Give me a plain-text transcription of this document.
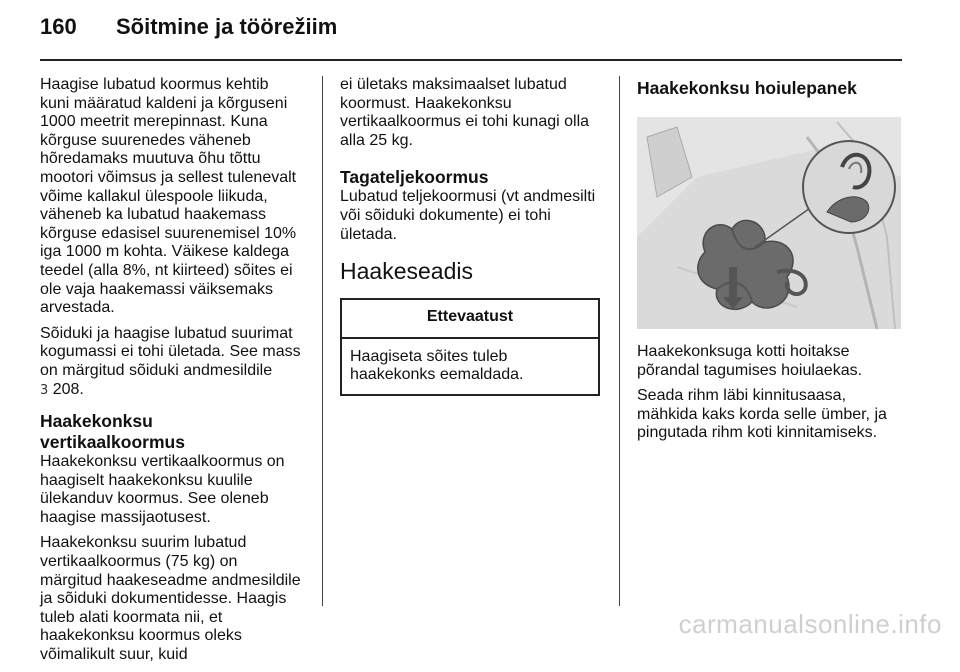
160 Sõitmine ja töörežiim

Haagise lubatud koormus kehtib kuni määratud kaldeni ja kõrguseni 1000 meetrit merepinnast. Kuna kõrguse suurenedes väheneb hõredamaks muutuva õhu tõttu mootori võimsus ja sellest tulenevalt võime kallakul ülespoole liikuda, väheneb ka lubatud haakemass kõrguse edasisel suurenemisel 10% iga 1000 m kohta. Väikese kaldega teedel (alla 8%, nt kiirteed) sõites ei ole vaja haakemassi väiksemaks arvestada.

Sõiduki ja haagise lubatud suurimat kogumassi ei tohi ületada. See mass on märgitud sõiduki andmesildile
3 208.

Haakekonksu vertikaalkoormus

Haakekonksu vertikaalkoormus on haagiselt haakekonksu kuulile ülekanduv koormus. See oleneb haagise massijaotusest.

Haakekonksu suurim lubatud vertikaalkoormus (75 kg) on märgitud haakeseadme andmesildile ja sõiduki dokumentidesse. Haagis tuleb alati koormata nii, et haakekonksu koormus oleks võimalikult suur, kuid

ei ületaks maksimaalset lubatud koormust. Haakekonksu vertikaalkoormus ei tohi kunagi olla alla 25 kg.

Tagateljekoormus

Lubatud teljekoormusi (vt andmesilti või sõiduki dokumente) ei tohi ületada.

Haakeseadis
Ettevaatust
Haagiseta sõites tuleb haakekonks eemaldada.
Haakekonksu hoiulepanek

Haakekonksuga kotti hoitakse põrandal tagumises hoiulaekas.

Seada rihm läbi kinnitusaasa, mähkida kaks korda selle ümber, ja pingutada rihm koti kinnitamiseks.

carmanualsonline.info
